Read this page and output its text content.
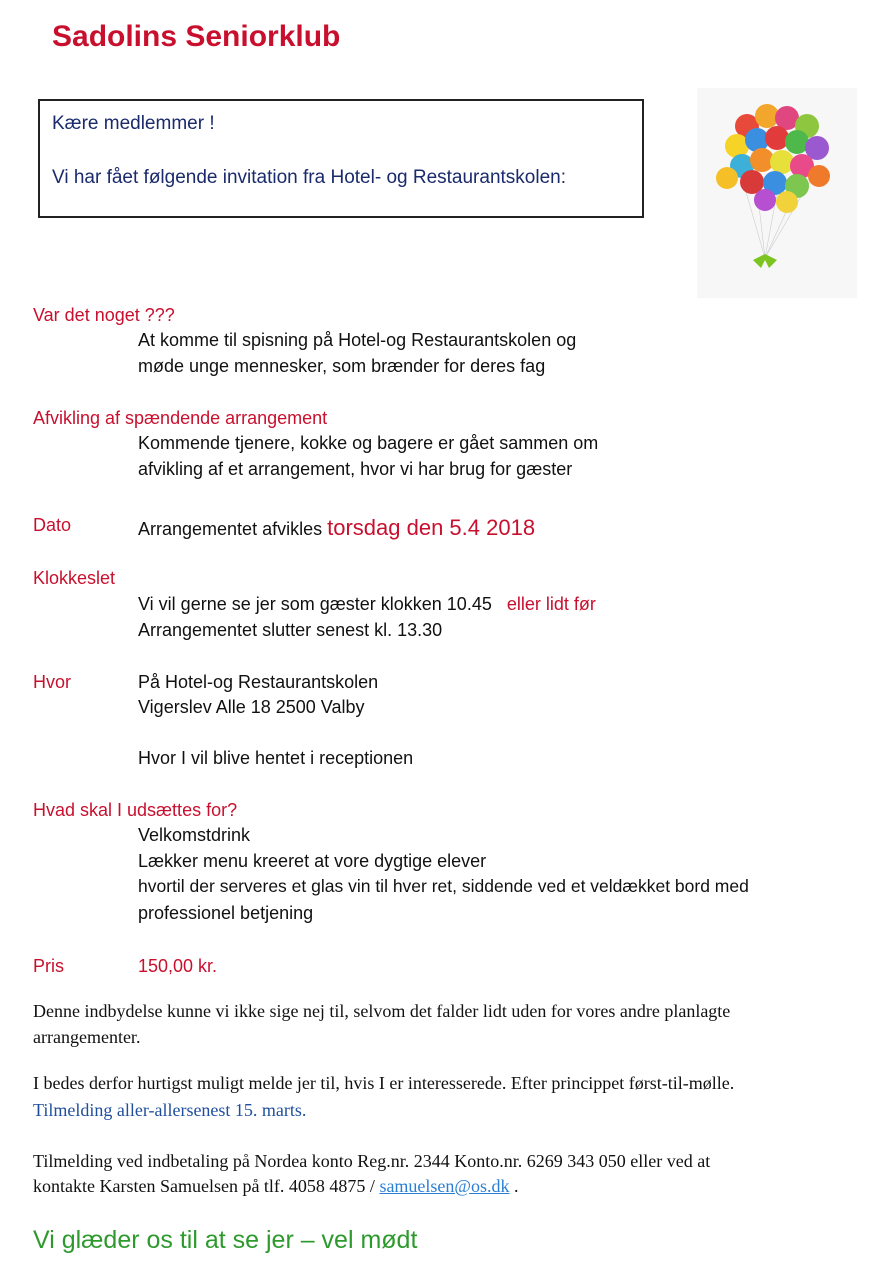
Sadolins Seniorklub
Kære medlemmer !
Vi har fået følgende invitation fra Hotel- og Restaurantskolen:
Var det noget ???
At komme til spisning på Hotel-og Restaurantskolen og
møde unge mennesker, som brænder for deres fag
Afvikling af spændende arrangement
Kommende tjenere, kokke og bagere er gået sammen om
afvikling af et arrangement, hvor vi har brug for gæster
Dato	Arrangementet afvikles torsdag den 5.4 2018
Klokkeslet
Vi vil gerne se jer som gæster klokken 10.45 eller lidt før
Arrangementet slutter senest kl. 13.30
Hvor	På Hotel-og Restaurantskolen
Vigerslev Alle 18 2500 Valby
Hvor I vil blive hentet i receptionen
Hvad skal I udsættes for?
Velkomstdrink
Lækker menu kreeret at vore dygtige elever
hvortil der serveres et glas vin til hver ret, siddende ved et veldækket bord med
professionel betjening
Pris	150,00 kr.
Denne indbydelse kunne vi ikke sige nej til, selvom det falder lidt uden for vores andre planlagte
arrangementer.
I bedes derfor hurtigst muligt melde jer til, hvis I er interesserede. Efter princippet først-til-mølle.
Tilmelding aller-allersenest 15. marts.
Tilmelding ved indbetaling på Nordea konto Reg.nr. 2344 Konto.nr. 6269 343 050 eller ved at
kontakte Karsten Samuelsen på tlf. 4058 4875 / samuelsen@os.dk .
Vi glæder os til at se jer – vel mødt
